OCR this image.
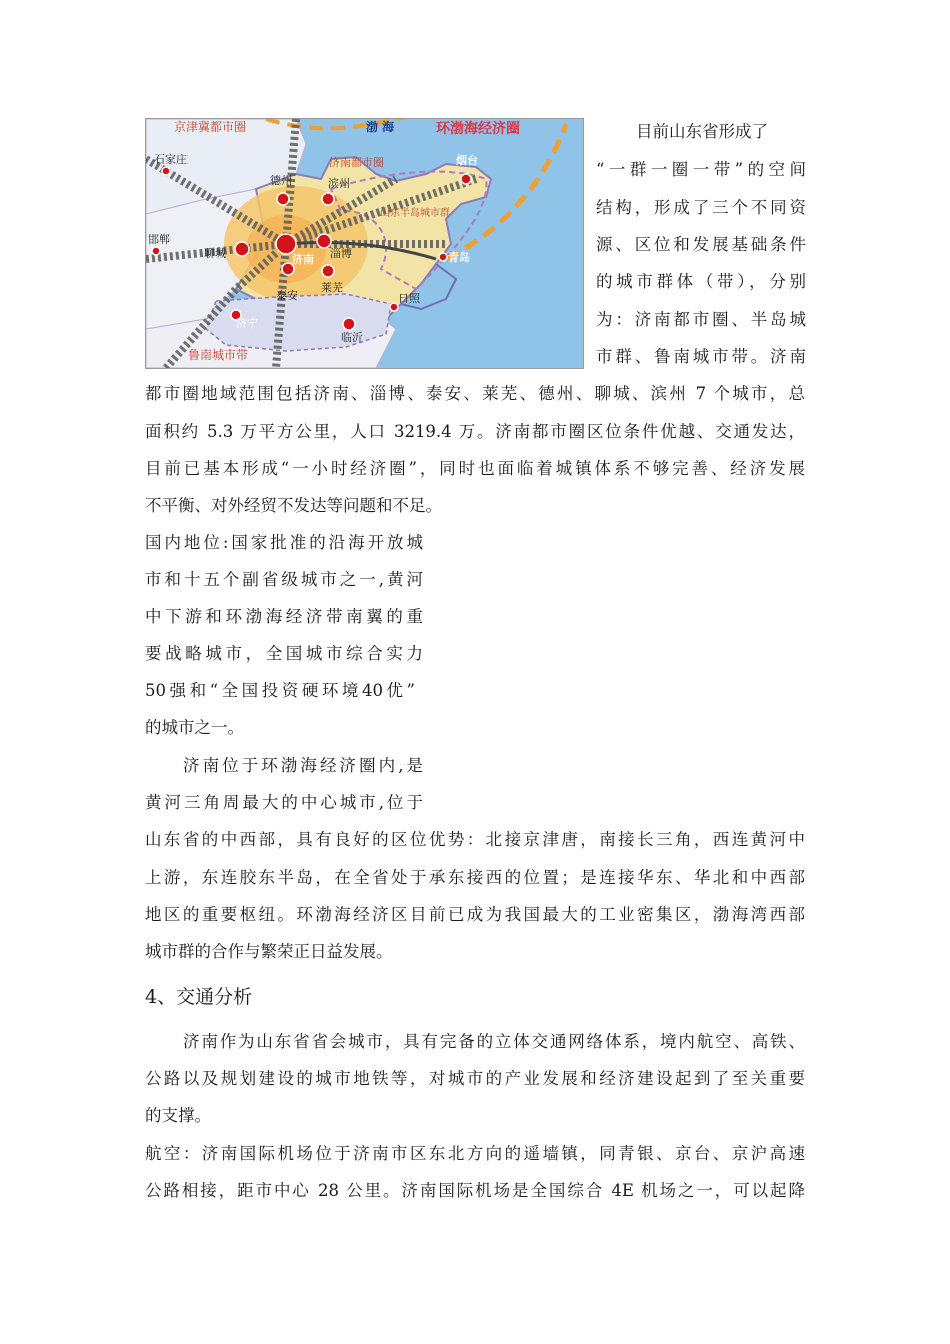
京津冀都市圈	渤 海	环渤海经济圈
济南都市圈	烟台
石家庄
德州	滨州
山东半岛城市群
邯郸
聊城	济南 淄博	青岛
泰安
莱芜
日照
济宁
临沂
鲁南城市带
目前山东省形成了
“一群一圈一带”的空间
结构，形成了三个不同资
源、区位和发展基础条件
的城市群体（带），分别
为：济南都市圈、半岛城
市群、鲁南城市带。济南
都市圈地域范围包括济南、淄博、泰安、莱芜、德州、聊城、滨州 7 个城市，总
面积约 5.3 万平方公里，人口 3219.4 万。济南都市圈区位条件优越、交通发达，
目前已基本形成“一小时经济圈”，同时也面临着城镇体系不够完善、经济发展
不平衡、对外经贸不发达等问题和不足。
国内地位:国家批准的沿海开放城
市和十五个副省级城市之一,黄河
中下游和环渤海经济带南翼的重
要战略城市，全国城市综合实力
50强和“全国投资硬环境40优”
的城市之一。
济南位于环渤海经济圈内,是
黄河三角周最大的中心城市,位于
山东省的中西部，具有良好的区位优势：北接京津唐，南接长三角，西连黄河中
上游，东连胶东半岛，在全省处于承东接西的位置；是连接华东、华北和中西部
地区的重要枢纽。环渤海经济区目前已成为我国最大的工业密集区，渤海湾西部
城市群的合作与繁荣正日益发展。
4、交通分析
济南作为山东省省会城市，具有完备的立体交通网络体系，境内航空、高铁、
公路以及规划建设的城市地铁等，对城市的产业发展和经济建设起到了至关重要
的支撑。
航空：济南国际机场位于济南市区东北方向的遥墙镇，同青银、京台、京沪高速
公路相接，距市中心 28 公里。济南国际机场是全国综合 4E 机场之一，可以起降
